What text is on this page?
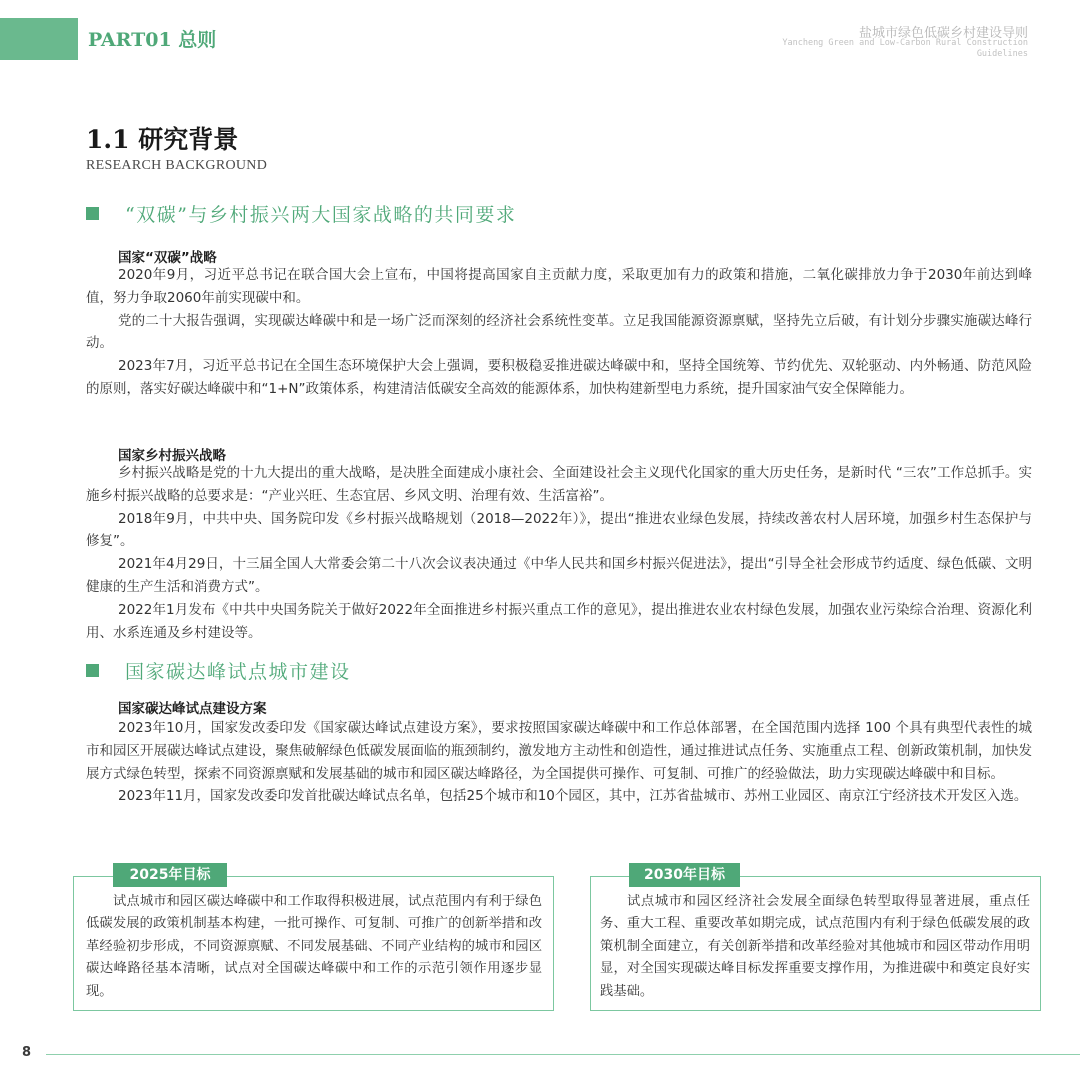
PART01 总则	盐城市绿色低碳乡村建设导则
Yancheng Green and Low-Carbon Rural Construction Guidelines
1.1 研究背景
RESEARCH BACKGROUND
“双碳”与乡村振兴两大国家战略的共同要求
国家“双碳”战略

2020年9月，习近平总书记在联合国大会上宣布，中国将提高国家自主贡献力度，采取更加有力的政策和措施，二氧化碳排放力争于2030年前达到峰值，努力争取2060年前实现碳中和。

党的二十大报告强调，实现碳达峰碳中和是一场广泛而深刻的经济社会系统性变革。立足我国能源资源禀赋，坚持先立后破，有计划分步骤实施碳达峰行动。

2023年7月，习近平总书记在全国生态环境保护大会上强调，要积极稳妥推进碳达峰碳中和，坚持全国统筹、节约优先、双轮驱动、内外畅通、防范风险的原则，落实好碳达峰碳中和“1+N”政策体系，构建清洁低碳安全高效的能源体系，加快构建新型电力系统，提升国家油气安全保障能力。

国家乡村振兴战略

乡村振兴战略是党的十九大提出的重大战略，是决胜全面建成小康社会、全面建设社会主义现代化国家的重大历史任务，是新时代 “三农”工作总抓手。实施乡村振兴战略的总要求是：“产业兴旺、生态宜居、乡风文明、治理有效、生活富裕”。

2018年9月，中共中央、国务院印发《乡村振兴战略规划（2018—2022年）》，提出“推进农业绿色发展，持续改善农村人居环境，加强乡村生态保护与修复”。

2021年4月29日，十三届全国人大常委会第二十八次会议表决通过《中华人民共和国乡村振兴促进法》，提出“引导全社会形成节约适度、绿色低碳、文明健康的生产生活和消费方式”。

2022年1月发布《中共中央国务院关于做好2022年全面推进乡村振兴重点工作的意见》，提出推进农业农村绿色发展，加强农业污染综合治理、资源化利用、水系连通及乡村建设等。

国家碳达峰试点城市建设
国家碳达峰试点建设方案

2023年10月，国家发改委印发《国家碳达峰试点建设方案》，要求按照国家碳达峰碳中和工作总体部署，在全国范围内选择 100 个具有典型代表性的城市和园区开展碳达峰试点建设，聚焦破解绿色低碳发展面临的瓶颈制约，激发地方主动性和创造性，通过推进试点任务、实施重点工程、创新政策机制，加快发展方式绿色转型，探索不同资源禀赋和发展基础的城市和园区碳达峰路径，为全国提供可操作、可复制、可推广的经验做法，助力实现碳达峰碳中和目标。

2023年11月，国家发改委印发首批碳达峰试点名单，包括25个城市和10个园区，其中，江苏省盐城市、苏州工业园区、南京江宁经济技术开发区入选。

2025年目标

试点城市和园区碳达峰碳中和工作取得积极进展，试点范围内有利于绿色低碳发展的政策机制基本构建，一批可操作、可复制、可推广的创新举措和改革经验初步形成，不同资源禀赋、不同发展基础、不同产业结构的城市和园区碳达峰路径基本清晰，试点对全国碳达峰碳中和工作的示范引领作用逐步显现。

2030年目标

试点城市和园区经济社会发展全面绿色转型取得显著进展，重点任务、重大工程、重要改革如期完成，试点范围内有利于绿色低碳发展的政策机制全面建立，有关创新举措和改革经验对其他城市和园区带动作用明显，对全国实现碳达峰目标发挥重要支撑作用，为推进碳中和奠定良好实践基础。

8
